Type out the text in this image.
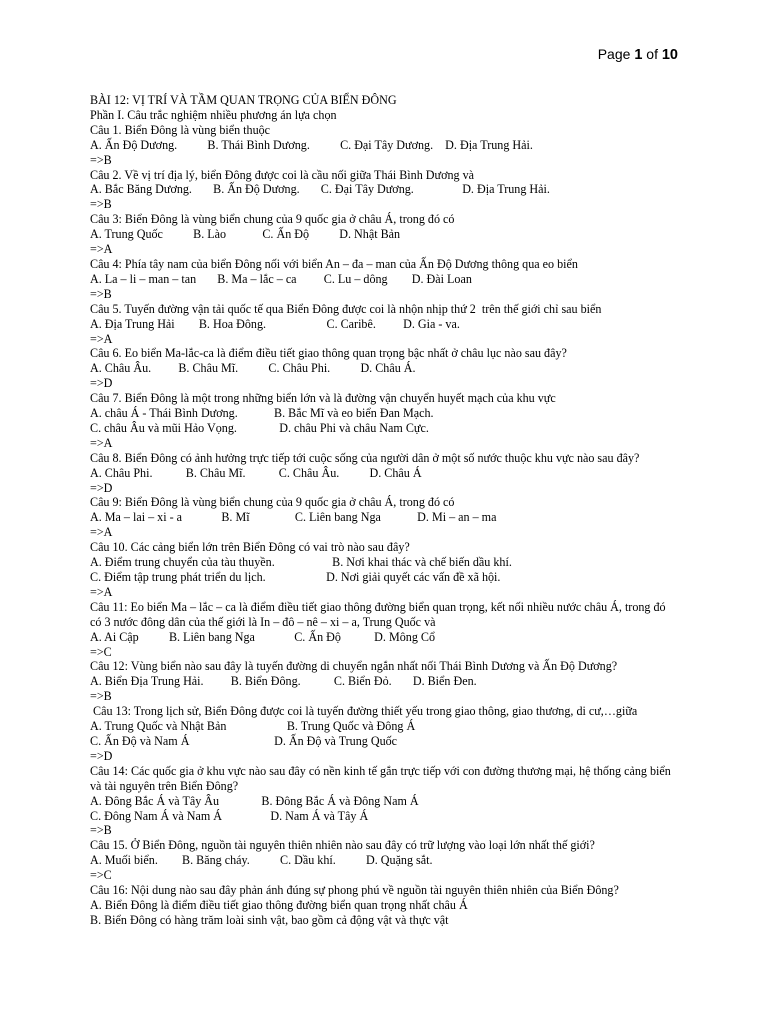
Page 1 of 10
BÀI 12: VỊ TRÍ VÀ TẦM QUAN TRỌNG CỦA BIỂN ĐÔNG
Phần I. Câu trắc nghiệm nhiều phương án lựa chọn
Câu 1. Biển Đông là vùng biển thuộc
A. Ấn Độ Dương.          B. Thái Bình Dương.          C. Đại Tây Dương.    D. Địa Trung Hải.
=>B
Câu 2. Về vị trí địa lý, biển Đông được coi là cầu nối giữa Thái Bình Dương và
A. Bắc Băng Dương.       B. Ấn Độ Dương.       C. Đại Tây Dương.                D. Địa Trung Hải.
=>B
Câu 3: Biển Đông là vùng biển chung của 9 quốc gia ở châu Á, trong đó có
A. Trung Quốc          B. Lào            C. Ấn Độ          D. Nhật Bản
=>A
Câu 4: Phía tây nam của biển Đông nối với biển An – đa – man của Ấn Độ Dương thông qua eo biển
A. La – li – man – tan       B. Ma – lắc – ca         C. Lu – dông        D. Đài Loan
=>B
Câu 5. Tuyến đường vận tải quốc tế qua Biển Đông được coi là nhộn nhịp thứ 2  trên thế giới chỉ sau biển
A. Địa Trung Hải        B. Hoa Đông.                    C. Caribê.         D. Gia - va.
=>A
Câu 6. Eo biển Ma-lắc-ca là điểm điều tiết giao thông quan trọng bậc nhất ở châu lục nào sau đây?
A. Châu Âu.         B. Châu Mĩ.          C. Châu Phi.          D. Châu Á.
=>D
Câu 7. Biển Đông là một trong những biển lớn và là đường vận chuyển huyết mạch của khu vực
A. châu Á - Thái Bình Dương.            B. Bắc Mĩ và eo biển Đan Mạch.
C. châu Âu và mũi Hảo Vọng.              D. châu Phi và châu Nam Cực.
=>A
Câu 8. Biển Đông có ảnh hưởng trực tiếp tới cuộc sống của người dân ở một số nước thuộc khu vực nào sau đây?
A. Châu Phi.           B. Châu Mĩ.           C. Châu Âu.          D. Châu Á
=>D
Câu 9: Biển Đông là vùng biển chung của 9 quốc gia ở châu Á, trong đó có
A. Ma – lai – xi - a             B. Mĩ               C. Liên bang Nga            D. Mi – an – ma
=>A
Câu 10. Các cảng biển lớn trên Biển Đông có vai trò nào sau đây?
A. Điểm trung chuyển của tàu thuyền.                   B. Nơi khai thác và chế biến dầu khí.
C. Điểm tập trung phát triển du lịch.                    D. Nơi giải quyết các vấn đề xã hội.
=>A
Câu 11: Eo biển Ma – lắc – ca là điểm điều tiết giao thông đường biển quan trọng, kết nối nhiều nước châu Á, trong đó có 3 nước đông dân của thế giới là In – đô – nê – xi – a, Trung Quốc và
A. Ai Cập          B. Liên bang Nga             C. Ấn Độ           D. Mông Cổ
=>C
Câu 12: Vùng biển nào sau đây là tuyến đường di chuyển ngắn nhất nối Thái Bình Dương và Ấn Độ Dương?
A. Biển Địa Trung Hải.         B. Biển Đông.           C. Biển Đỏ.       D. Biển Đen.
=>B
Câu 13: Trong lịch sử, Biển Đông được coi là tuyến đường thiết yếu trong giao thông, giao thương, di cư,…giữa
A. Trung Quốc và Nhật Bản                    B. Trung Quốc và Đông Á
C. Ấn Độ và Nam Á                            D. Ấn Độ và Trung Quốc
=>D
Câu 14: Các quốc gia ở khu vực nào sau đây có nền kinh tế gắn trực tiếp với con đường thương mại, hệ thống cảng biển và tài nguyên trên Biển Đông?
A. Đông Bắc Á và Tây Âu              B. Đông Bắc Á và Đông Nam Á
C. Đông Nam Á và Nam Á                D. Nam Á và Tây Á
=>B
Câu 15. Ở Biển Đông, nguồn tài nguyên thiên nhiên nào sau đây có trữ lượng vào loại lớn nhất thế giới?
A. Muối biển.        B. Băng cháy.          C. Dầu khí.          D. Quặng sắt.
=>C
Câu 16: Nội dung nào sau đây phản ánh đúng sự phong phú về nguồn tài nguyên thiên nhiên của Biển Đông?
A. Biển Đông là điểm điều tiết giao thông đường biển quan trọng nhất châu Á
B. Biển Đông có hàng trăm loài sinh vật, bao gồm cả động vật và thực vật
